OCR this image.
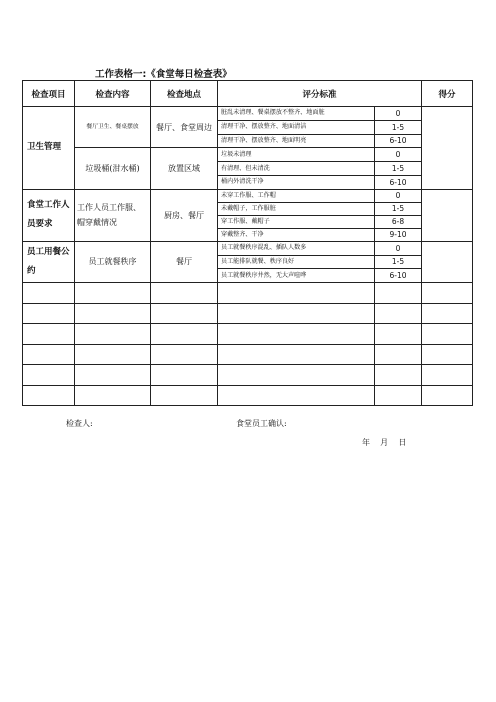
工作表格一:《食堂每日检查表》
检查项目	检查内容	检查地点	评分标准		得分
卫生管理	餐厅卫生、餐桌摆放	餐厅、食堂周边	脏乱未清理、餐桌摆放不整齐、地面脏	0	
			清理干净、摆放整齐、地面清洁	1-5	
			清理干净、摆放整齐、地面明亮	6-10	
	垃圾桶(泔水桶)	放置区域	垃圾未清理	0	
			有清理、但未清洗	1-5	
			桶内外清洗干净	6-10	
食堂工作人员要求	工作人员工作服、帽穿戴情况	厨房、餐厅	未穿工作服、工作帽	0	
			未戴帽子，工作服脏	1-5	
			穿工作服、戴帽子	6-8	
			穿戴整齐、干净	9-10	
员工用餐公约	员工就餐秩序	餐厅	员工就餐秩序混乱、插队人数多	0	
			员工能排队就餐、秩序良好	1-5	
			员工就餐秩序井然，无大声喧哗	6-10	

检查人:	食堂员工确认:
年    月    日
